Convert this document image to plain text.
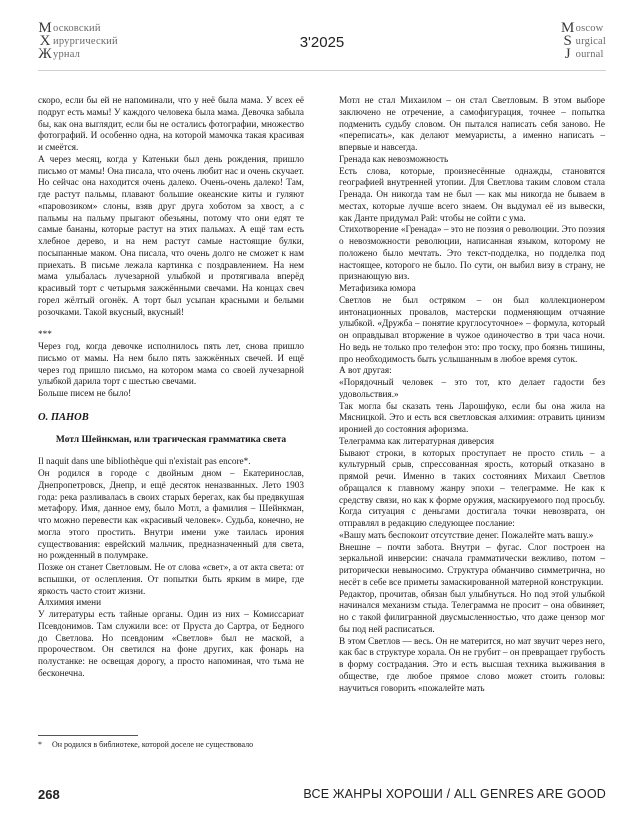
М
Х
Ж
осковский
ирургический
урнал
3'2025
M
S
J
oscow
urgical
ournal

скоро, если бы ей не напоминали, что у неё была мама. У всех её подруг есть мамы! У каждого человека была мама. Девочка забыла бы, как она выглядит, если бы не остались фотографии, множество фотографий. И особенно одна, на которой мамочка такая красивая и смеётся.

А через месяц, когда у Катеньки был день рождения, пришло письмо от мамы! Она писала, что очень любит нас и очень скучает. Но сейчас она находится очень далеко. Очень-очень далеко! Там, где растут пальмы, плавают большие океанские киты и гуляют «паровозиком» слоны, взяв друг друга хоботом за хвост, а с пальмы на пальму прыгают обезьяны, потому что они едят те самые бананы, которые растут на этих пальмах. А ещё там есть хлебное дерево, и на нем растут самые настоящие булки, посыпанные маком. Она писала, что очень долго не сможет к нам приехать. В письме лежала картинка с поздравлением. На нем мама улыбалась лучезарной улыбкой и протягивала вперёд красивый торт с четырьмя зажжёнными свечами. На концах свеч горел жёлтый огонёк. А торт был усыпан красными и белыми розочками. Такой вкусный, вкусный!

***

Через год, когда девочке исполнилось пять лет, снова пришло письмо от мамы. На нем было пять зажжённых свечей. И ещё через год пришло письмо, на котором мама со своей лучезарной улыбкой дарила торт с шестью свечами.

Больше писем не было!

О. ПАНОВ

Мотл Шейнкман, или трагическая грамматика света

Il naquit dans une bibliothèque qui n'existait pas encore*.

Он родился в городе с двойным дном – Екатеринослав, Днепропетровск, Днепр, и ещё десяток неназванных. Лето 1903 года: река разливалась в своих старых берегах, как бы предвкушая метафору. Имя, данное ему, было Мотл, а фамилия – Шейнкман, что можно перевести как «красивый человек». Судьба, конечно, не могла этого простить. Внутри имени уже таилась ирония существования: еврейский мальчик, предназначенный для света, но рожденный в полумраке.

Позже он станет Светловым. Не от слова «свет», а от акта света: от вспышки, от ослепления. От попытки быть ярким в мире, где яркость часто стоит жизни.

Алхимия имени

У литературы есть тайные органы. Один из них – Комиссариат Псевдонимов. Там служили все: от Пруста до Сартра, от Бедного до Светлова. Но псевдоним «Светлов» был не маской, а пророчеством. Он светился на фоне других, как фонарь на полустанке: не освещая дорогу, а просто напоминая, что тьма не бесконечна.

Мотл не стал Михаилом – он стал Светловым. В этом выборе заключено не отречение, а самофигурация, точнее – попытка подменить судьбу словом. Он пытался написать себя заново. Не «переписать», как делают мемуаристы, а именно написать – впервые и навсегда.

Гренада как невозможность

Есть слова, которые, произнесённые однажды, становятся географией внутренней утопии. Для Светлова таким словом стала Гренада. Он никогда там не был — как мы никогда не бываем в местах, которые лучше всего знаем. Он выдумал её из вывески, как Данте придумал Рай: чтобы не сойти с ума.

Стихотворение «Гренада» – это не поэзия о революции. Это поэзия о невозможности революции, написанная языком, которому не положено было мечтать. Это текст-подделка, но подделка под настоящее, которого не было. По сути, он выбил визу в страну, не признающую виз.

Метафизика юмора

Светлов не был остряком – он был коллекционером интонационных провалов, мастерски подменяющим отчаяние улыбкой. «Дружба – понятие круглосуточное» – формула, который он оправдывал вторжение в чужое одиночество в три часа ночи. Но ведь не только про телефон это: про тоску, про боязнь тишины, про необходимость быть услышанным в любое время суток.

А вот другая:

«Порядочный человек – это тот, кто делает гадости без удовольствия.»

Так могла бы сказать тень Ларошфуко, если бы она жила на Мясницкой. Это и есть вся светловская алхимия: отравить цинизм иронией до состояния афоризма.

Телеграмма как литературная диверсия

Бывают строки, в которых проступает не просто стиль – а культурный срыв, спрессованная ярость, который отказано в прямой речи. Именно в таких состояниях Михаил Светлов обращался к главному жанру эпохи – телеграмме. Не как к средству связи, но как к форме оружия, маскируемого под просьбу. Когда ситуация с деньгами достигала точки невозврата, он отправлял в редакцию следующее послание:

«Вашу мать беспокоит отсутствие денег. Пожалейте мать вашу.»

Внешне – почти забота. Внутри – фугас. Слог построен на зеркальной инверсии: сначала грамматически вежливо, потом – риторически невыносимо. Структура обманчиво симметрична, но несёт в себе все приметы замаскированной матерной конструкции.

Редактор, прочитав, обязан был улыбнуться. Но под этой улыбкой начинался механизм стыда. Телеграмма не просит – она обвиняет, но с такой филигранной двусмысленностью, что даже цензор мог бы под ней расписаться.

В этом Светлов — весь. Он не матерится, но мат звучит через него, как бас в структуре хорала. Он не грубит – он превращает грубость в форму сострадания. Это и есть высшая техника выживания в обществе, где любое прямое слово может стоить головы: научиться говорить «пожалейте мать

* Он родился в библиотеке, которой доселе не существовало
268	ВСЕ ЖАНРЫ ХОРОШИ / ALL GENRES ARE GOOD
